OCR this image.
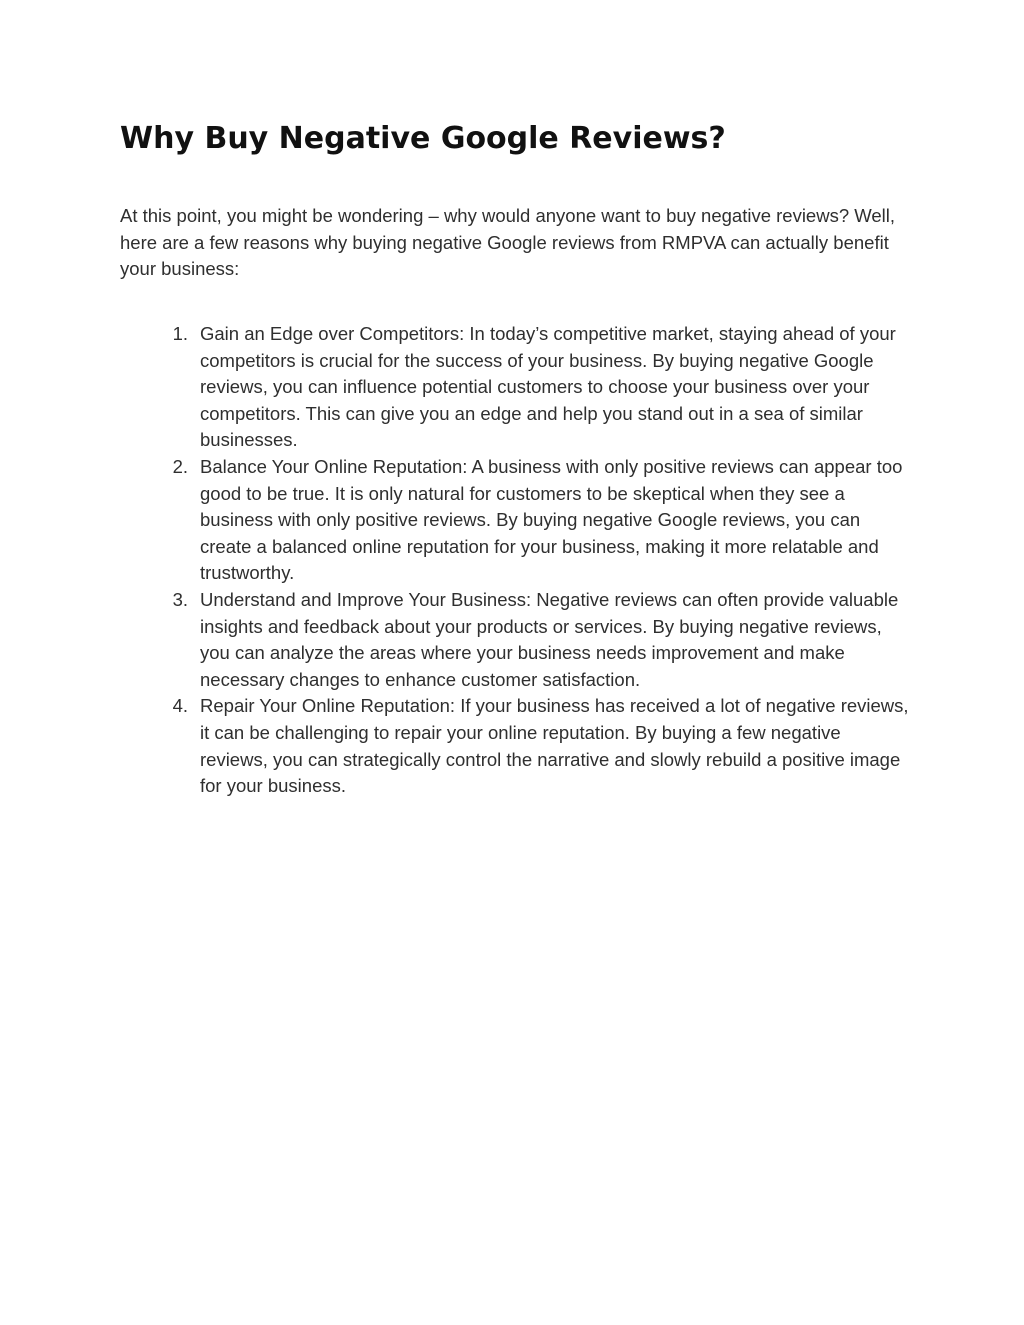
Why Buy Negative Google Reviews?

At this point, you might be wondering – why would anyone want to buy negative reviews? Well, here are a few reasons why buying negative Google reviews from RMPVA can actually benefit your business:

1. Gain an Edge over Competitors: In today’s competitive market, staying ahead of your competitors is crucial for the success of your business. By buying negative Google reviews, you can influence potential customers to choose your business over your competitors. This can give you an edge and help you stand out in a sea of similar businesses.
2. Balance Your Online Reputation: A business with only positive reviews can appear too good to be true. It is only natural for customers to be skeptical when they see a business with only positive reviews. By buying negative Google reviews, you can create a balanced online reputation for your business, making it more relatable and trustworthy.
3. Understand and Improve Your Business: Negative reviews can often provide valuable insights and feedback about your products or services. By buying negative reviews, you can analyze the areas where your business needs improvement and make necessary changes to enhance customer satisfaction.
4. Repair Your Online Reputation: If your business has received a lot of negative reviews, it can be challenging to repair your online reputation. By buying a few negative reviews, you can strategically control the narrative and slowly rebuild a positive image for your business.
